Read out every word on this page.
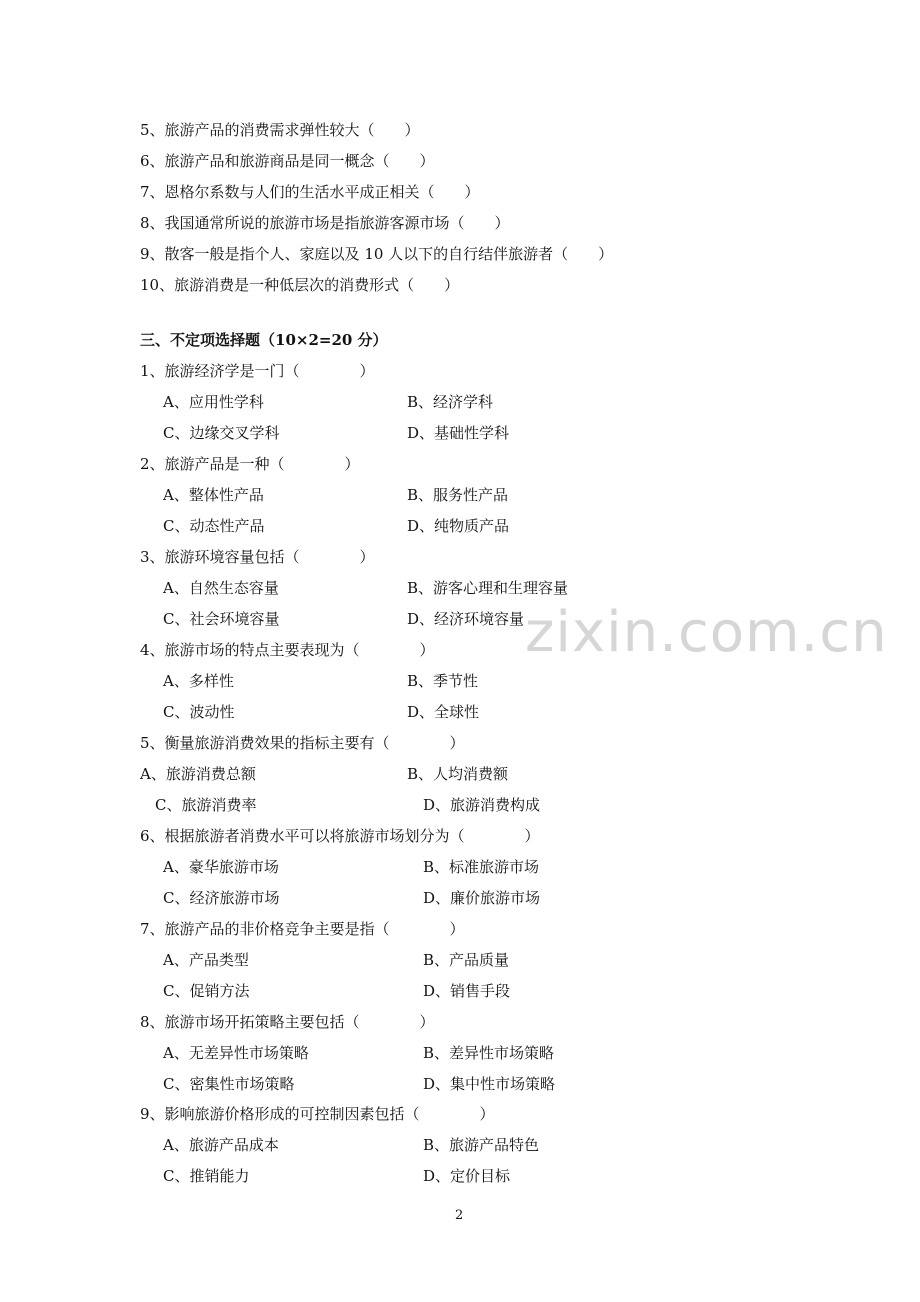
5、旅游产品的消费需求弹性较大（　　）
6、旅游产品和旅游商品是同一概念（　　）
7、恩格尔系数与人们的生活水平成正相关（　　）
8、我国通常所说的旅游市场是指旅游客源市场（　　）
9、散客一般是指个人、家庭以及 10 人以下的自行结伴旅游者（　　）
10、旅游消费是一种低层次的消费形式（　　）
三、不定项选择题（10×2=20 分）
1、旅游经济学是一门（　　　　）
A、应用性学科	B、经济学科
C、边缘交叉学科	D、基础性学科
2、旅游产品是一种（　　　　）
A、整体性产品	B、服务性产品
C、动态性产品	D、纯物质产品
3、旅游环境容量包括（　　　　）
A、自然生态容量	B、游客心理和生理容量
C、社会环境容量	D、经济环境容量 zixin.com.cn
4、旅游市场的特点主要表现为（　　　　）
A、多样性	B、季节性
C、波动性	D、全球性
5、衡量旅游消费效果的指标主要有（　　　　）
A、旅游消费总额	B、人均消费额
C、旅游消费率	D、旅游消费构成
6、根据旅游者消费水平可以将旅游市场划分为（　　　　）
A、豪华旅游市场	B、标准旅游市场
C、经济旅游市场	D、廉价旅游市场
7、旅游产品的非价格竞争主要是指（　　　　）
A、产品类型	B、产品质量
C、促销方法	D、销售手段
8、旅游市场开拓策略主要包括（　　　　）
A、无差异性市场策略	B、差异性市场策略
C、密集性市场策略	D、集中性市场策略
9、影响旅游价格形成的可控制因素包括（　　　　）
A、旅游产品成本	B、旅游产品特色
C、推销能力	D、定价目标
2
